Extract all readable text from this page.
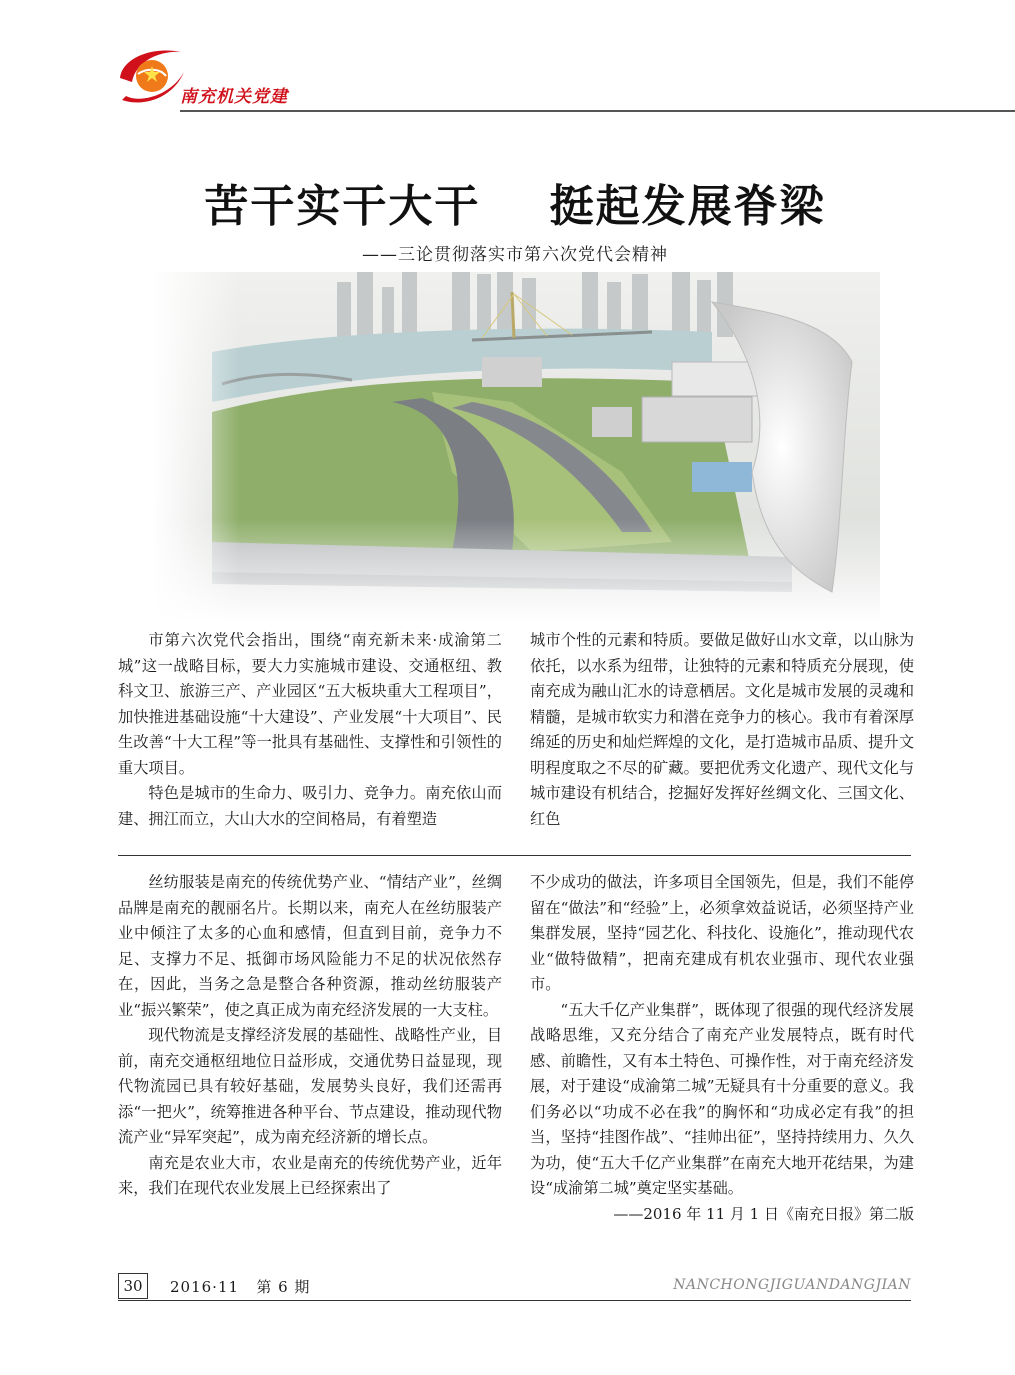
南充机关党建
苦干实干大干    挺起发展脊梁
——三论贯彻落实市第六次党代会精神

市第六次党代会指出，围绕“南充新未来·成渝第二城”这一战略目标，要大力实施城市建设、交通枢纽、教科文卫、旅游三产、产业园区“五大板块重大工程项目”，加快推进基础设施“十大建设”、产业发展“十大项目”、民生改善“十大工程”等一批具有基础性、支撑性和引领性的重大项目。

特色是城市的生命力、吸引力、竞争力。南充依山而建、拥江而立，大山大水的空间格局，有着塑造

城市个性的元素和特质。要做足做好山水文章，以山脉为依托，以水系为纽带，让独特的元素和特质充分展现，使南充成为融山汇水的诗意栖居。文化是城市发展的灵魂和精髓，是城市软实力和潜在竞争力的核心。我市有着深厚绵延的历史和灿烂辉煌的文化，是打造城市品质、提升文明程度取之不尽的矿藏。要把优秀文化遗产、现代文化与城市建设有机结合，挖掘好发挥好丝绸文化、三国文化、红色

丝纺服装是南充的传统优势产业、“情结产业”，丝绸品牌是南充的靓丽名片。长期以来，南充人在丝纺服装产业中倾注了太多的心血和感情，但直到目前，竞争力不足、支撑力不足、抵御市场风险能力不足的状况依然存在，因此，当务之急是整合各种资源，推动丝纺服装产业“振兴繁荣”，使之真正成为南充经济发展的一大支柱。

现代物流是支撑经济发展的基础性、战略性产业，目前，南充交通枢纽地位日益形成，交通优势日益显现，现代物流园已具有较好基础，发展势头良好，我们还需再添“一把火”，统筹推进各种平台、节点建设，推动现代物流产业“异军突起”，成为南充经济新的增长点。

南充是农业大市，农业是南充的传统优势产业，近年来，我们在现代农业发展上已经探索出了

不少成功的做法，许多项目全国领先，但是，我们不能停留在“做法”和“经验”上，必须拿效益说话，必须坚持产业集群发展，坚持“园艺化、科技化、设施化”，推动现代农业“做特做精”，把南充建成有机农业强市、现代农业强市。

“五大千亿产业集群”，既体现了很强的现代经济发展战略思维，又充分结合了南充产业发展特点，既有时代感、前瞻性，又有本土特色、可操作性，对于南充经济发展，对于建设“成渝第二城”无疑具有十分重要的意义。我们务必以“功成不必在我”的胸怀和“功成必定有我”的担当，坚持“挂图作战”、“挂帅出征”，坚持持续用力、久久为功，使“五大千亿产业集群”在南充大地开花结果，为建设“成渝第二城”奠定坚实基础。

——2016 年 11 月 1 日《南充日报》第二版

30	2016·11   第 6 期	NANCHONGJIGUANDANGJIAN
